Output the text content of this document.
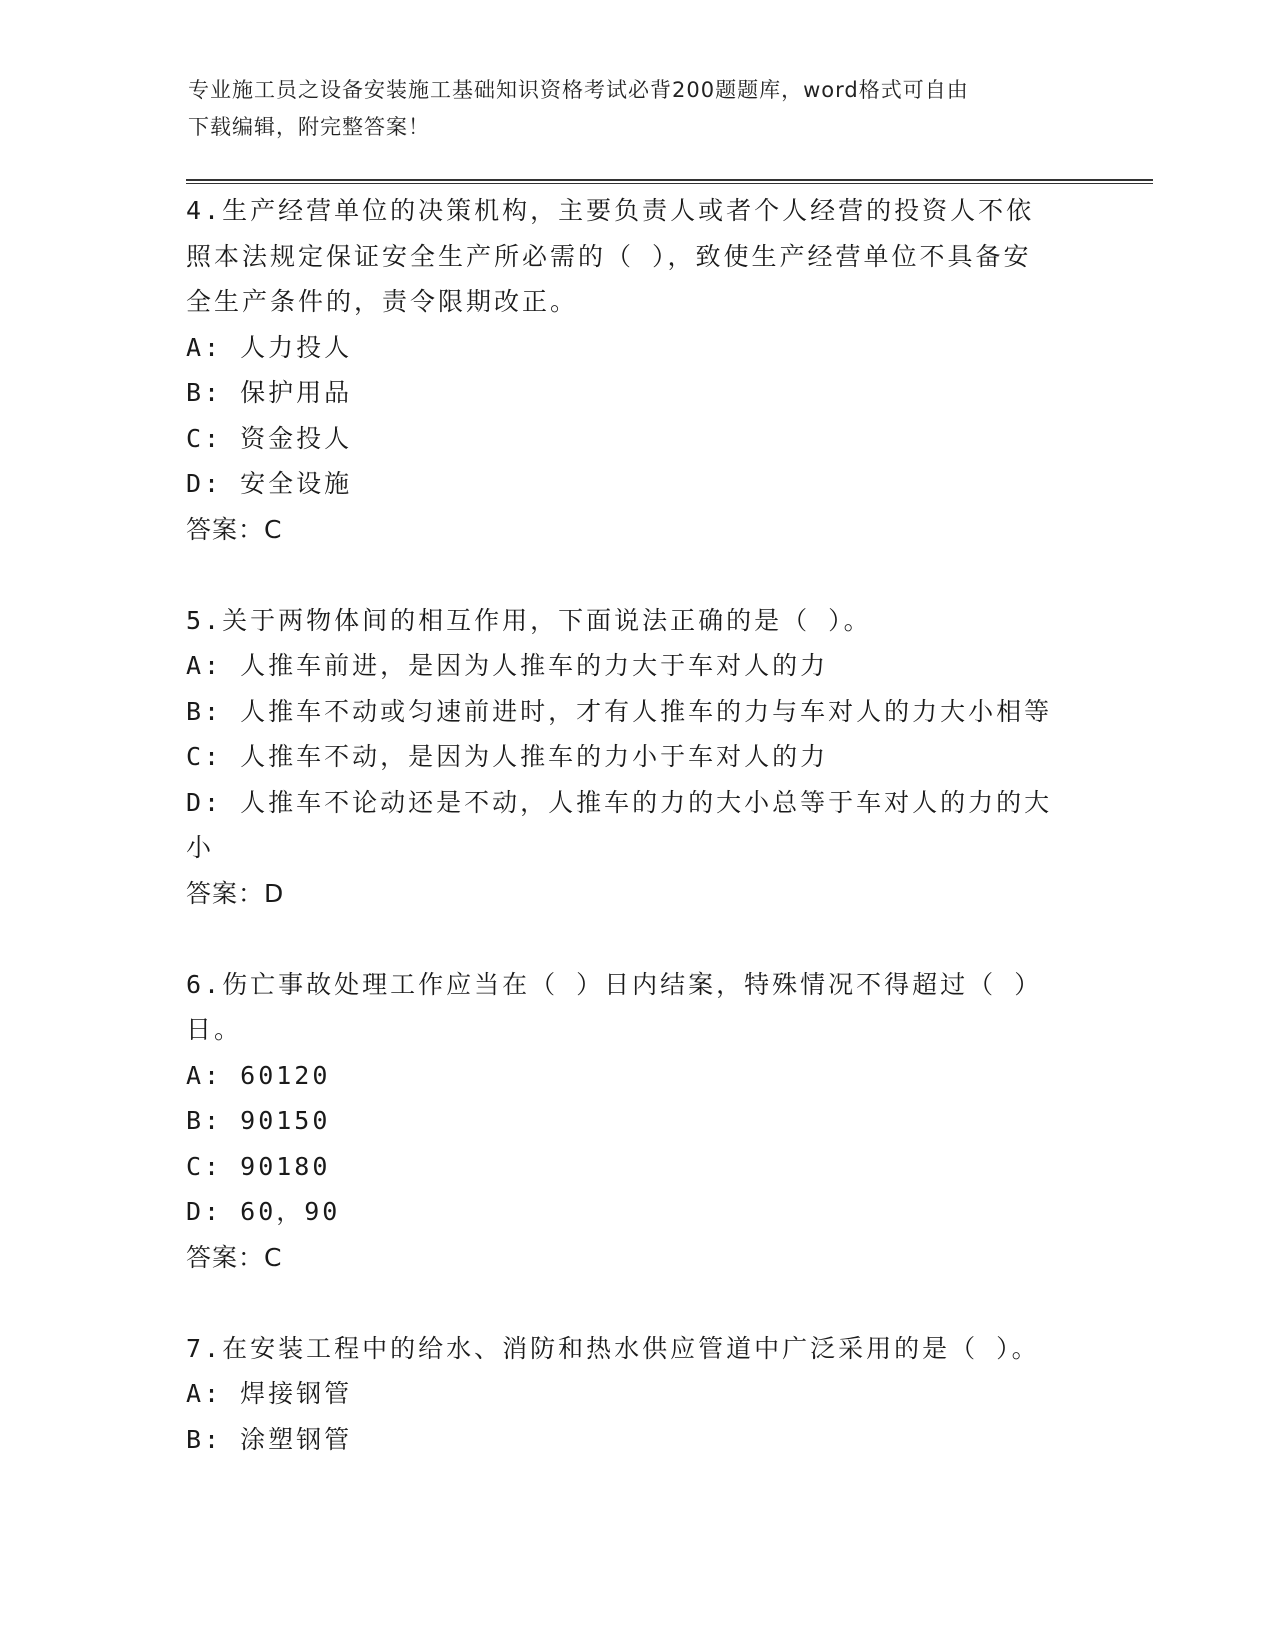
专业施工员之设备安装施工基础知识资格考试必背200题题库，word格式可自由
下载编辑，附完整答案！
4.生产经营单位的决策机构，主要负责人或者个人经营的投资人不依
照本法规定保证安全生产所必需的（ ），致使生产经营单位不具备安
全生产条件的，责令限期改正。
A: 人力投人
B: 保护用品
C: 资金投人
D: 安全设施
答案：C
5.关于两物体间的相互作用，下面说法正确的是（ ）。
A: 人推车前进，是因为人推车的力大于车对人的力
B: 人推车不动或匀速前进时，才有人推车的力与车对人的力大小相等
C: 人推车不动，是因为人推车的力小于车对人的力
D: 人推车不论动还是不动，人推车的力的大小总等于车对人的力的大
小
答案：D
6.伤亡事故处理工作应当在（ ）日内结案，特殊情况不得超过（ ）
日。
A: 60120
B: 90150
C: 90180
D: 60，90
答案：C
7.在安装工程中的给水、消防和热水供应管道中广泛采用的是（ ）。
A: 焊接钢管
B: 涂塑钢管
